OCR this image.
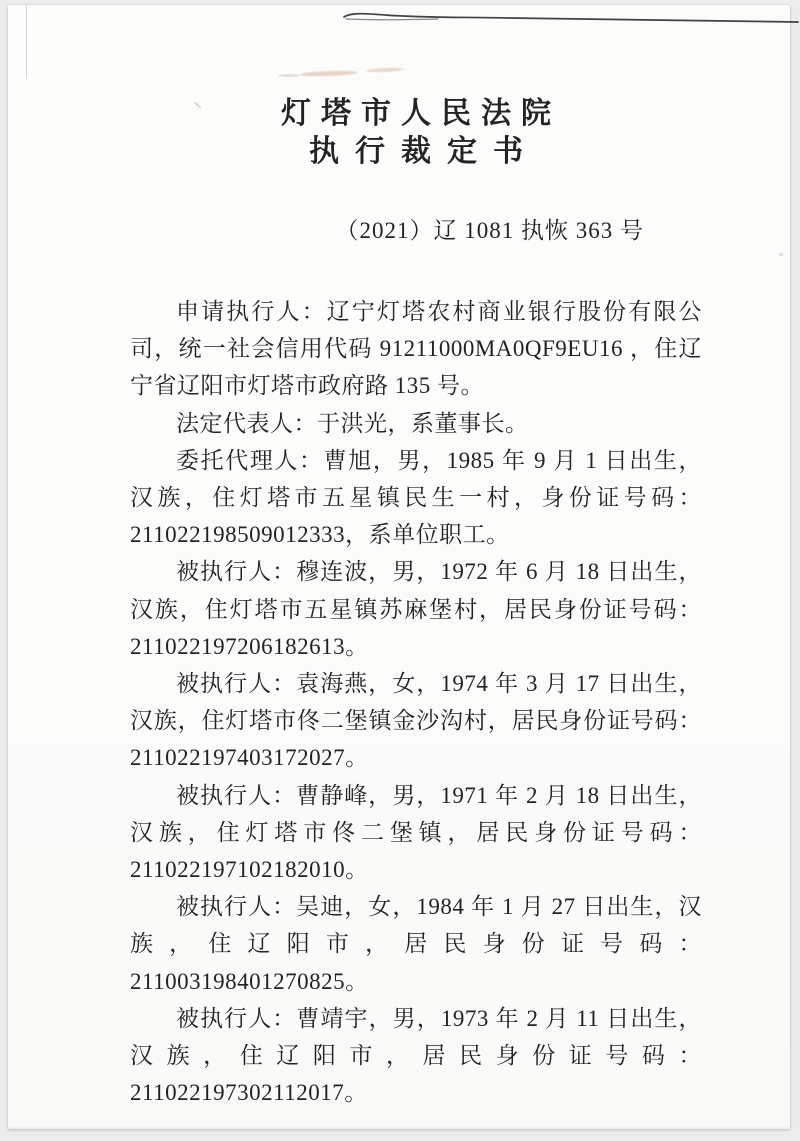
灯塔市人民法院
执行裁定书
（2021）辽 1081 执恢 363 号

申请执行人：辽宁灯塔农村商业银行股份有限公司，统一社会信用代码 91211000MA0QF9EU16 ，住辽宁省辽阳市灯塔市政府路 135 号。

法定代表人：于洪光，系董事长。

委托代理人：曹旭，男，1985 年 9 月 1 日出生，汉族，住灯塔市五星镇民生一村，身份证号码：211022198509012333，系单位职工。

被执行人：穆连波，男，1972 年 6 月 18 日出生，汉族，住灯塔市五星镇苏麻堡村，居民身份证号码：211022197206182613。

被执行人：袁海燕，女，1974 年 3 月 17 日出生，汉族，住灯塔市佟二堡镇金沙沟村，居民身份证号码：211022197403172027。

被执行人：曹静峰，男，1971 年 2 月 18 日出生，汉族，住灯塔市佟二堡镇，居民身份证号码：211022197102182010。

被执行人：吴迪，女，1984 年 1 月 27 日出生，汉族，住辽阳市，居民身份证号码：211003198401270825。

被执行人：曹靖宇，男，1973 年 2 月 11 日出生，汉族，住辽阳市，居民身份证号码：211022197302112017。
